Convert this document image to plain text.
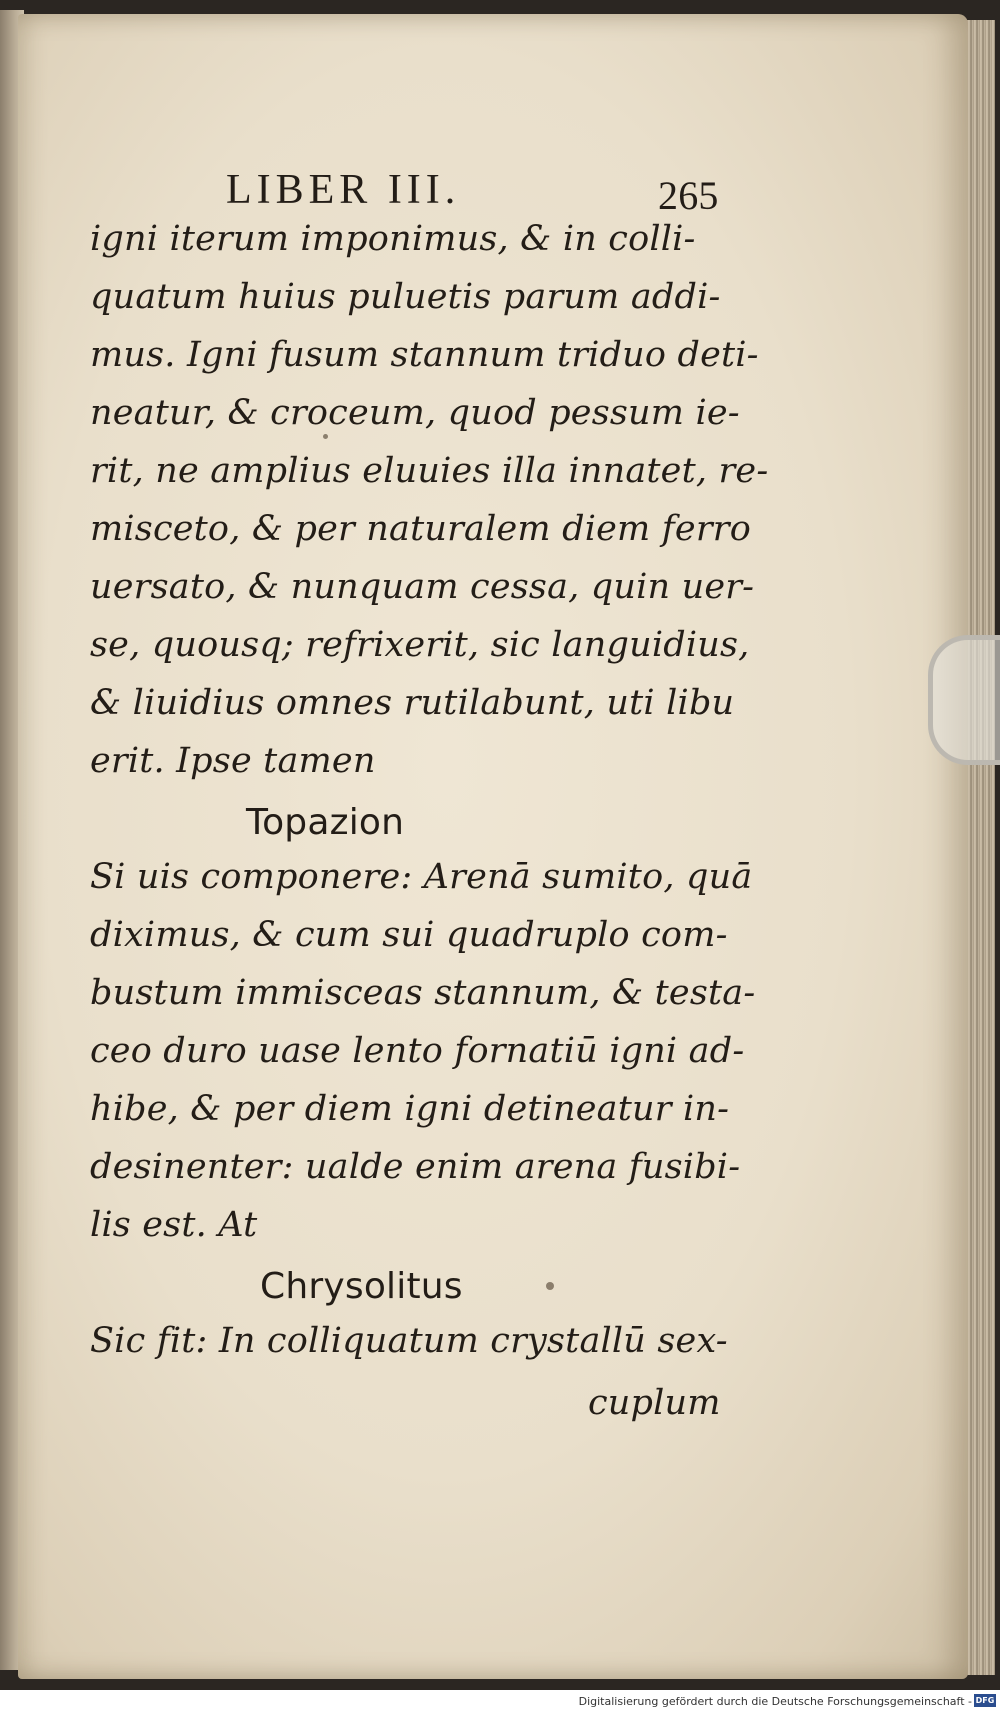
LIBER III.	265
igni iterum imponimus, & in colli-
quatum huius puluetis parum addi-
mus. Igni fusum stannum triduo deti-
neatur, & croceum, quod pessum ie-
rit, ne amplius eluuies illa innatet, re-
misceto, & per naturalem diem ferro
uersato, & nunquam cessa, quin uer-
se, quousq; refrixerit, sic languidius,
& liuidius omnes rutilabunt, uti libu
erit. Ipse tamen
Topazion
Si uis componere: Arenā sumito, quā
diximus, & cum sui quadruplo com-
bustum immisceas stannum, & testa-
ceo duro uase lento fornatiū igni ad-
hibe, & per diem igni detineatur in-
desinenter: ualde enim arena fusibi-
lis est. At
Chrysolitus
Sic fit: In colliquatum crystallū sex-
cuplum
Digitalisierung gefördert durch die Deutsche Forschungsgemeinschaft - DFG
